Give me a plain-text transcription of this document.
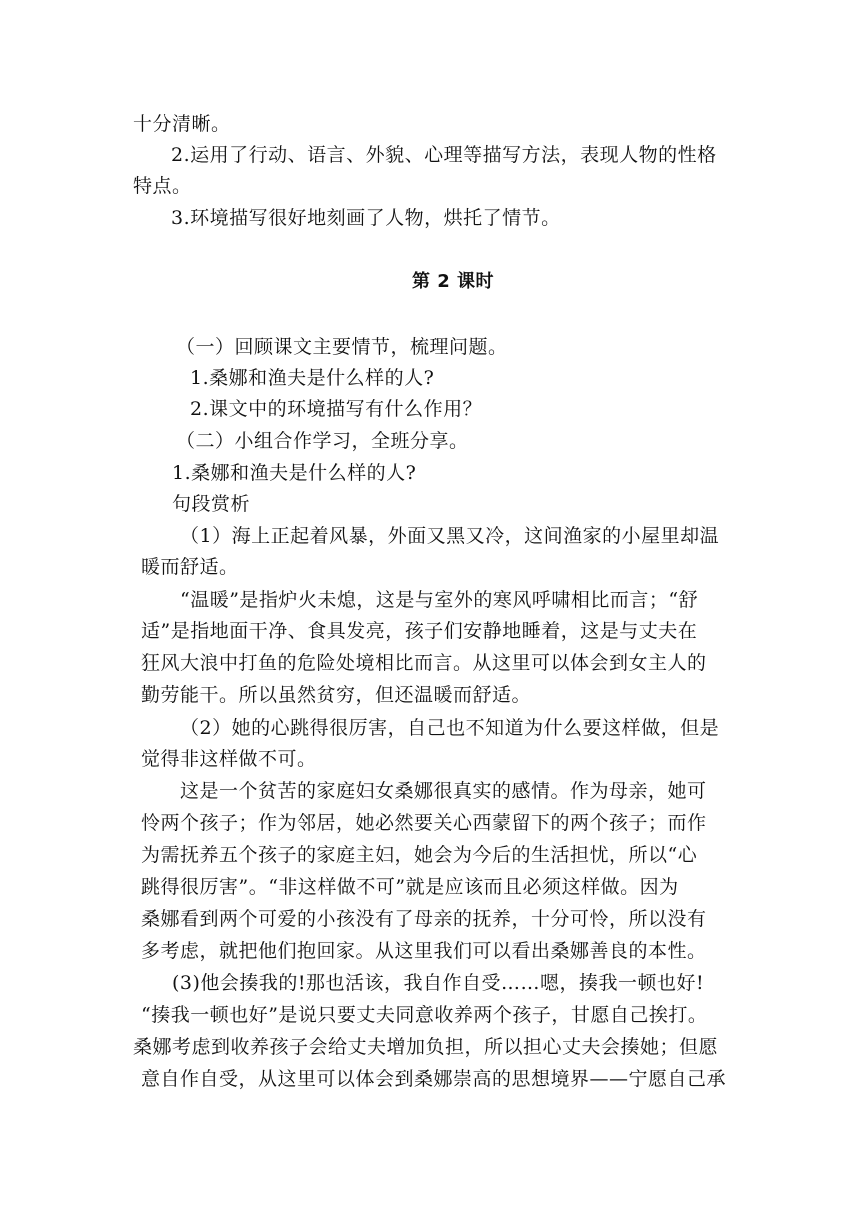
十分清晰。
2.运用了行动、语言、外貌、心理等描写方法，表现人物的性格
特点。
3.环境描写很好地刻画了人物，烘托了情节。
第 2 课时
（一）回顾课文主要情节，梳理问题。
1.桑娜和渔夫是什么样的人?
2.课文中的环境描写有什么作用？
（二）小组合作学习，全班分享。
1.桑娜和渔夫是什么样的人?
句段赏析
（1）海上正起着风暴，外面又黑又冷，这间渔家的小屋里却温
暖而舒适。
“温暖”是指炉火未熄，这是与室外的寒风呼啸相比而言；“舒
适”是指地面干净、食具发亮，孩子们安静地睡着，这是与丈夫在
狂风大浪中打鱼的危险处境相比而言。从这里可以体会到女主人的
勤劳能干。所以虽然贫穷，但还温暖而舒适。
（2）她的心跳得很厉害，自己也不知道为什么要这样做，但是
觉得非这样做不可。
这是一个贫苦的家庭妇女桑娜很真实的感情。作为母亲，她可
怜两个孩子；作为邻居，她必然要关心西蒙留下的两个孩子；而作
为需抚养五个孩子的家庭主妇，她会为今后的生活担忧，所以“心
跳得很厉害”。“非这样做不可”就是应该而且必须这样做。因为
桑娜看到两个可爱的小孩没有了母亲的抚养，十分可怜，所以没有
多考虑，就把他们抱回家。从这里我们可以看出桑娜善良的本性。
(3)他会揍我的!那也活该，我自作自受……嗯，揍我一顿也好!
“揍我一顿也好”是说只要丈夫同意收养两个孩子，甘愿自己挨打。
桑娜考虑到收养孩子会给丈夫增加负担，所以担心丈夫会揍她；但愿
意自作自受，从这里可以体会到桑娜崇高的思想境界——宁愿自己承
